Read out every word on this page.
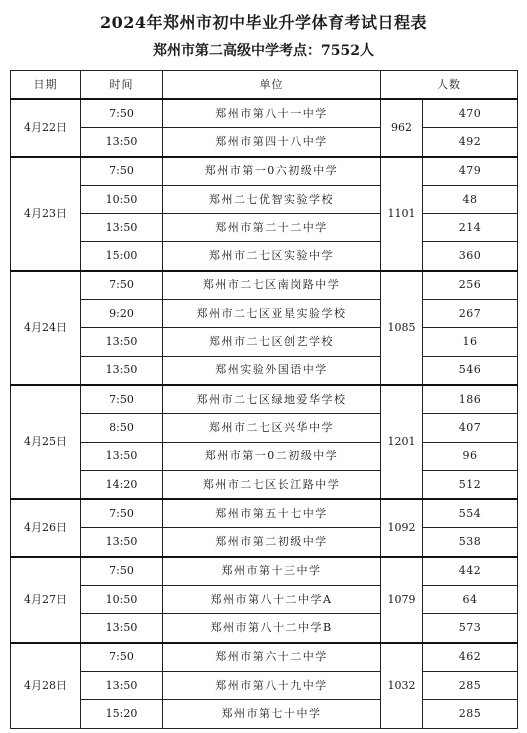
2024年郑州市初中毕业升学体育考试日程表
郑州市第二高级中学考点：7552人
日期	时间	单位	人数	
4月22日	7:50	郑州市第八十一中学	962	470
	13:50	郑州市第四十八中学		492
4月23日	7:50	郑州市第一0六初级中学	1101	479
	10:50	郑州二七优智实验学校		48
	13:50	郑州市第二十二中学		214
	15:00	郑州市二七区实验中学		360
4月24日	7:50	郑州市二七区南岗路中学	1085	256
	9:20	郑州市二七区亚星实验学校		267
	13:50	郑州市二七区创艺学校		16
	13:50	郑州实验外国语中学		546
4月25日	7:50	郑州市二七区绿地爱华学校	1201	186
	8:50	郑州市二七区兴华中学		407
	13:50	郑州市第一0二初级中学		96
	14:20	郑州市二七区长江路中学		512
4月26日	7:50	郑州市第五十七中学	1092	554
	13:50	郑州市第二初级中学		538
4月27日	7:50	郑州市第十三中学	1079	442
	10:50	郑州市第八十二中学A		64
	13:50	郑州市第八十二中学B		573
4月28日	7:50	郑州市第六十二中学	1032	462
	13:50	郑州市第八十九中学		285
	15:20	郑州市第七十中学		285
